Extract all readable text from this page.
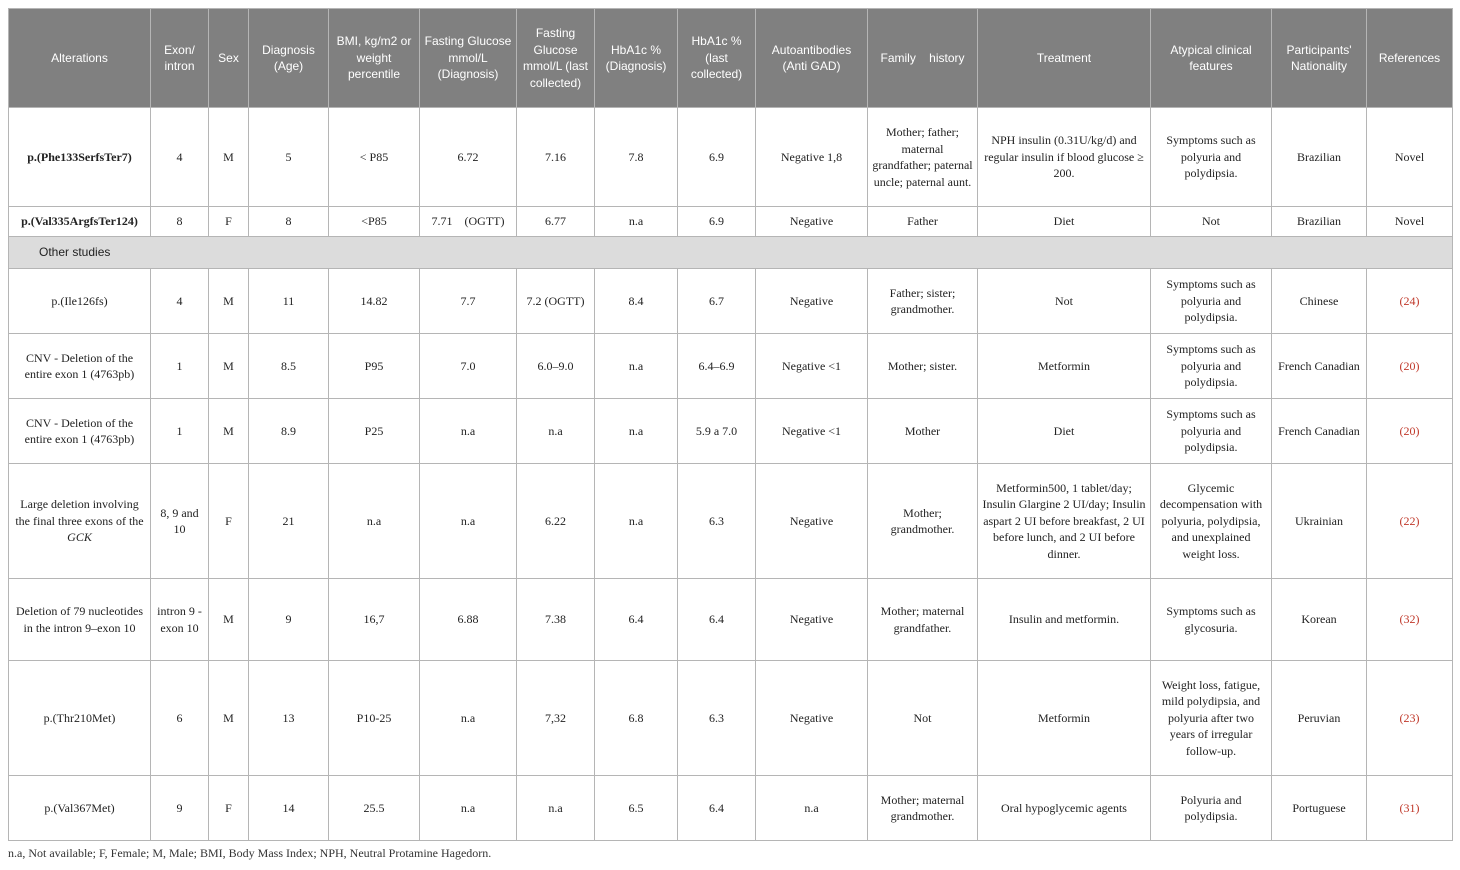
Alterations	Exon/ intron	Sex	Diagnosis (Age)	BMI, kg/m2 or weight percentile	Fasting Glucose mmol/L (Diagnosis)	Fasting Glucose mmol/L (last collected)	HbA1c % (Diagnosis)	HbA1c % (last collected)	Autoantibodies (Anti GAD)	Family    history	Treatment	Atypical clinical features	Participants' Nationality	References
p.(Phe133SerfsTer7)	4	M	5	< P85	6.72	7.16	7.8	6.9	Negative 1,8	Mother; father; maternal grandfather; paternal uncle; paternal aunt.	NPH insulin (0.31U/kg/d) and regular insulin if blood glucose ≥ 200.	Symptoms such as polyuria and polydipsia.	Brazilian	Novel
p.(Val335ArgfsTer124)	8	F	8	<P85	7.71    (OGTT)	6.77	n.a	6.9	Negative	Father	Diet	Not	Brazilian	Novel
Other studies														
p.(Ile126fs)	4	M	11	14.82	7.7	7.2 (OGTT)	8.4	6.7	Negative	Father; sister; grandmother.	Not	Symptoms such as polyuria and polydipsia.	Chinese	(24)
CNV - Deletion of the entire exon 1 (4763pb)	1	M	8.5	P95	7.0	6.0–9.0	n.a	6.4–6.9	Negative <1	Mother; sister.	Metformin	Symptoms such as polyuria and polydipsia.	French Canadian	(20)
CNV - Deletion of the entire exon 1 (4763pb)	1	M	8.9	P25	n.a	n.a	n.a	5.9 a 7.0	Negative <1	Mother	Diet	Symptoms such as polyuria and polydipsia.	French Canadian	(20)
Large deletion involving the final three exons of the GCK	8, 9 and 10	F	21	n.a	n.a	6.22	n.a	6.3	Negative	Mother; grandmother.	Metformin500, 1 tablet/day; Insulin Glargine 2 UI/day; Insulin aspart 2 UI before breakfast, 2 UI before lunch, and 2 UI before dinner.	Glycemic decompensation with polyuria, polydipsia, and unexplained weight loss.	Ukrainian	(22)
Deletion of 79 nucleotides in the intron 9–exon 10	intron 9 - exon 10	M	9	16,7	6.88	7.38	6.4	6.4	Negative	Mother; maternal grandfather.	Insulin and metformin.	Symptoms such as glycosuria.	Korean	(32)
p.(Thr210Met)	6	M	13	P10-25	n.a	7,32	6.8	6.3	Negative	Not	Metformin	Weight loss, fatigue, mild polydipsia, and polyuria after two years of irregular follow-up.	Peruvian	(23)
p.(Val367Met)	9	F	14	25.5	n.a	n.a	6.5	6.4	n.a	Mother; maternal grandmother.	Oral hypoglycemic agents	Polyuria and polydipsia.	Portuguese	(31)
n.a, Not available; F, Female; M, Male; BMI, Body Mass Index; NPH, Neutral Protamine Hagedorn.
